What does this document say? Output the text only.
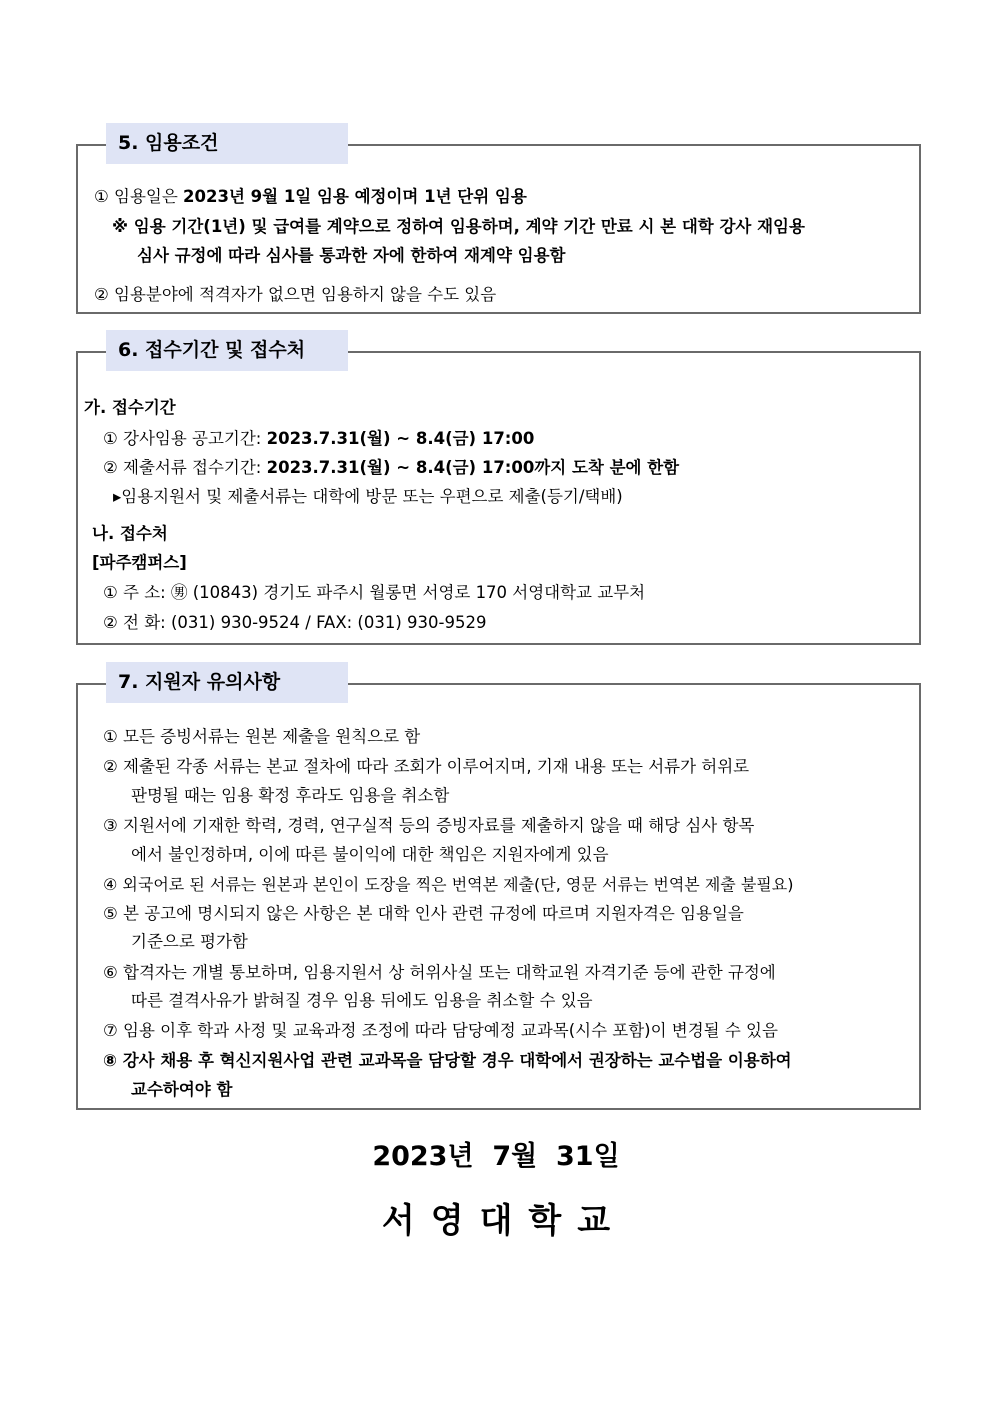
5. 임용조건
① 임용일은 2023년 9월 1일 임용 예정이며 1년 단위 임용
※ 임용 기간(1년) 및 급여를 계약으로 정하여 임용하며, 계약 기간 만료 시 본 대학 강사 재임용
심사 규정에 따라 심사를 통과한 자에 한하여 재계약 임용함
② 임용분야에 적격자가 없으면 임용하지 않을 수도 있음
6. 접수기간 및 접수처
가. 접수기간
① 강사임용 공고기간: 2023.7.31(월) ~ 8.4(금) 17:00
② 제출서류 접수기간: 2023.7.31(월) ~ 8.4(금) 17:00까지 도착 분에 한함
▸임용지원서 및 제출서류는 대학에 방문 또는 우편으로 제출(등기/택배)
나. 접수처
[파주캠퍼스]
① 주 소: ㊚ (10843) 경기도 파주시 월롱면 서영로 170 서영대학교 교무처
② 전 화: (031) 930-9524 / FAX: (031) 930-9529
7. 지원자 유의사항
① 모든 증빙서류는 원본 제출을 원칙으로 함
② 제출된 각종 서류는 본교 절차에 따라 조회가 이루어지며, 기재 내용 또는 서류가 허위로
판명될 때는 임용 확정 후라도 임용을 취소함
③ 지원서에 기재한 학력, 경력, 연구실적 등의 증빙자료를 제출하지 않을 때 해당 심사 항목
에서 불인정하며, 이에 따른 불이익에 대한 책임은 지원자에게 있음
④ 외국어로 된 서류는 원본과 본인이 도장을 찍은 번역본 제출(단, 영문 서류는 번역본 제출 불필요)
⑤ 본 공고에 명시되지 않은 사항은 본 대학 인사 관련 규정에 따르며 지원자격은 임용일을
기준으로 평가함
⑥ 합격자는 개별 통보하며, 임용지원서 상 허위사실 또는 대학교원 자격기준 등에 관한 규정에
따른 결격사유가 밝혀질 경우 임용 뒤에도 임용을 취소할 수 있음
⑦ 임용 이후 학과 사정 및 교육과정 조정에 따라 담당예정 교과목(시수 포함)이 변경될 수 있음
⑧ 강사 채용 후 혁신지원사업 관련 교과목을 담당할 경우 대학에서 권장하는 교수법을 이용하여
교수하여야 함
2023년  7월  31일
서영대학교
